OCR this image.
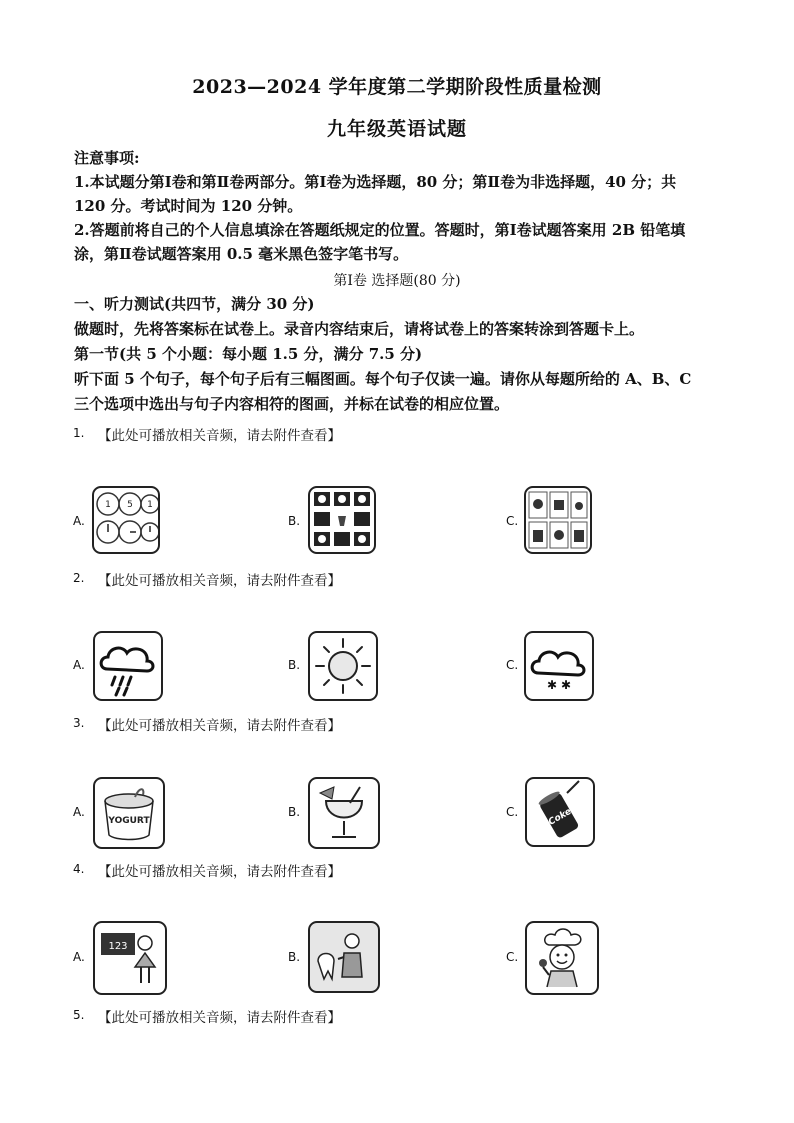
2023—2024 学年度第二学期阶段性质量检测
九年级英语试题
注意事项:
1.本试题分第Ⅰ卷和第Ⅱ卷两部分。第Ⅰ卷为选择题，80 分；第Ⅱ卷为非选择题，40 分；共
120 分。考试时间为 120 分钟。
2.答题前将自己的个人信息填涂在答题纸规定的位置。答题时，第Ⅰ卷试题答案用 2B 铅笔填
涂，第Ⅱ卷试题答案用 0.5 毫米黑色签字笔书写。
第Ⅰ卷 选择题(80 分)
一、听力测试(共四节，满分 30 分)
做题时，先将答案标在试卷上。录音内容结束后，请将试卷上的答案转涂到答题卡上。
第一节(共 5 个小题：每小题 1.5 分，满分 7.5 分)
听下面 5 个句子，每个句子后有三幅图画。每个句子仅读一遍。请你从每题所给的 A、B、C
三个选项中选出与句子内容相符的图画，并标在试卷的相应位置。
1. 【此处可播放相关音频，请去附件查看】
A.
1 5 1
B.	C.
2. 【此处可播放相关音频，请去附件查看】
A.	B.	C.
✱ ✱
3. 【此处可播放相关音频，请去附件查看】
A.
YOGURT
B.	C.	Coke
4. 【此处可播放相关音频，请去附件查看】
A.
123
B.	C.
5. 【此处可播放相关音频，请去附件查看】
